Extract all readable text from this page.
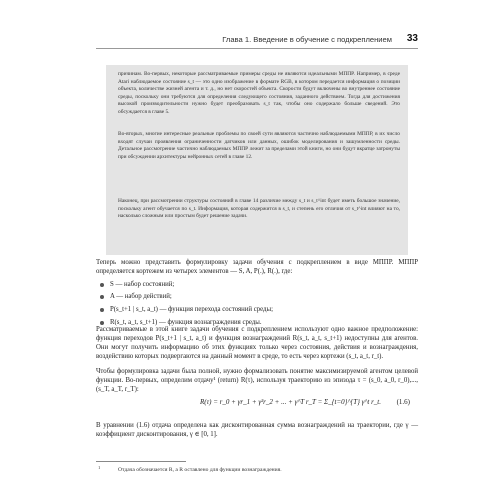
Глава 1. Введение в обучение с подкреплением 33

причинам. Во-первых, некоторые рассматриваемые примеры среды не являются идеальными МППР. Например, в среде Atari наблюдаемое состояние s_t — это одно изображение в формате RGB, в котором передается информация о позиции объекта, количестве жизней агента и т. д., но нет скоростей объекта. Скорости будут включены во внутреннее состояние среды, поскольку они требуются для определения следующего состояния, заданного действием. Тогда для достижения высокой производительности нужно будет преобразовать s_t так, чтобы оно содержало больше сведений. Это обсуждается в главе 5.

Во-вторых, многие интересные реальные проблемы по своей сути являются частично наблюдаемыми МППР, в их число входят случаи проявления ограниченности датчиков или данных, ошибок моделирования и зашумленности среды. Детальное рассмотрение частично наблюдаемых МППР лежит за пределами этой книги, но они будут вкратце затронуты при обсуждении архитектуры нейронных сетей в главе 12.

Наконец, при рассмотрении структуры состояний в главе 14 различие между s_t и s_t^int будет иметь большое значение, поскольку агент обучается по s_t. Информация, которая содержится в s_t, и степень его отличия от s_t^int влияют на то, насколько сложным или простым будет решение задачи.

Теперь можно представить формулировку задачи обучения с подкреплением в виде МППР. МППР определяется кортежем из четырех элементов — S, A, P(.), R(.), где:

S — набор состояний;
A — набор действий;
P(s_t+1 | s_t, a_t) — функция перехода состояний среды;
R(s_t, a_t, s_t+1) — функция вознаграждения среды.

Рассматриваемые в этой книге задачи обучения с подкреплением используют одно важное предположение: функция переходов P(s_t+1 | s_t, a_t) и функция вознаграждений R(s_t, a_t, s_t+1) недоступны для агентов. Они могут получить информацию об этих функциях только через состояния, действия и вознаграждения, воздействию которых подвергаются на данный момент в среде, то есть через кортежи (s_t, a_t, r_t).

Чтобы формулировка задачи была полной, нужно формализовать понятие максимизируемой агентом целевой функции. Во-первых, определим отдачу¹ (return) R(τ), используя траекторию из эпизода τ = (s_0, a_0, r_0),..., (s_T, a_T, r_T):

R(τ) = r_0 + γr_1 + γ²r_2 + ... + γ^T r_T = Σ_{t=0}^{T} γ^t r_t. (1.6)

В уравнении (1.6) отдача определена как дисконтированная сумма вознаграждений на траектории, где γ — коэффициент дисконтирования, γ ∈ [0, 1].

1	Отдача обозначается R, а R оставлено для функции вознаграждения.
